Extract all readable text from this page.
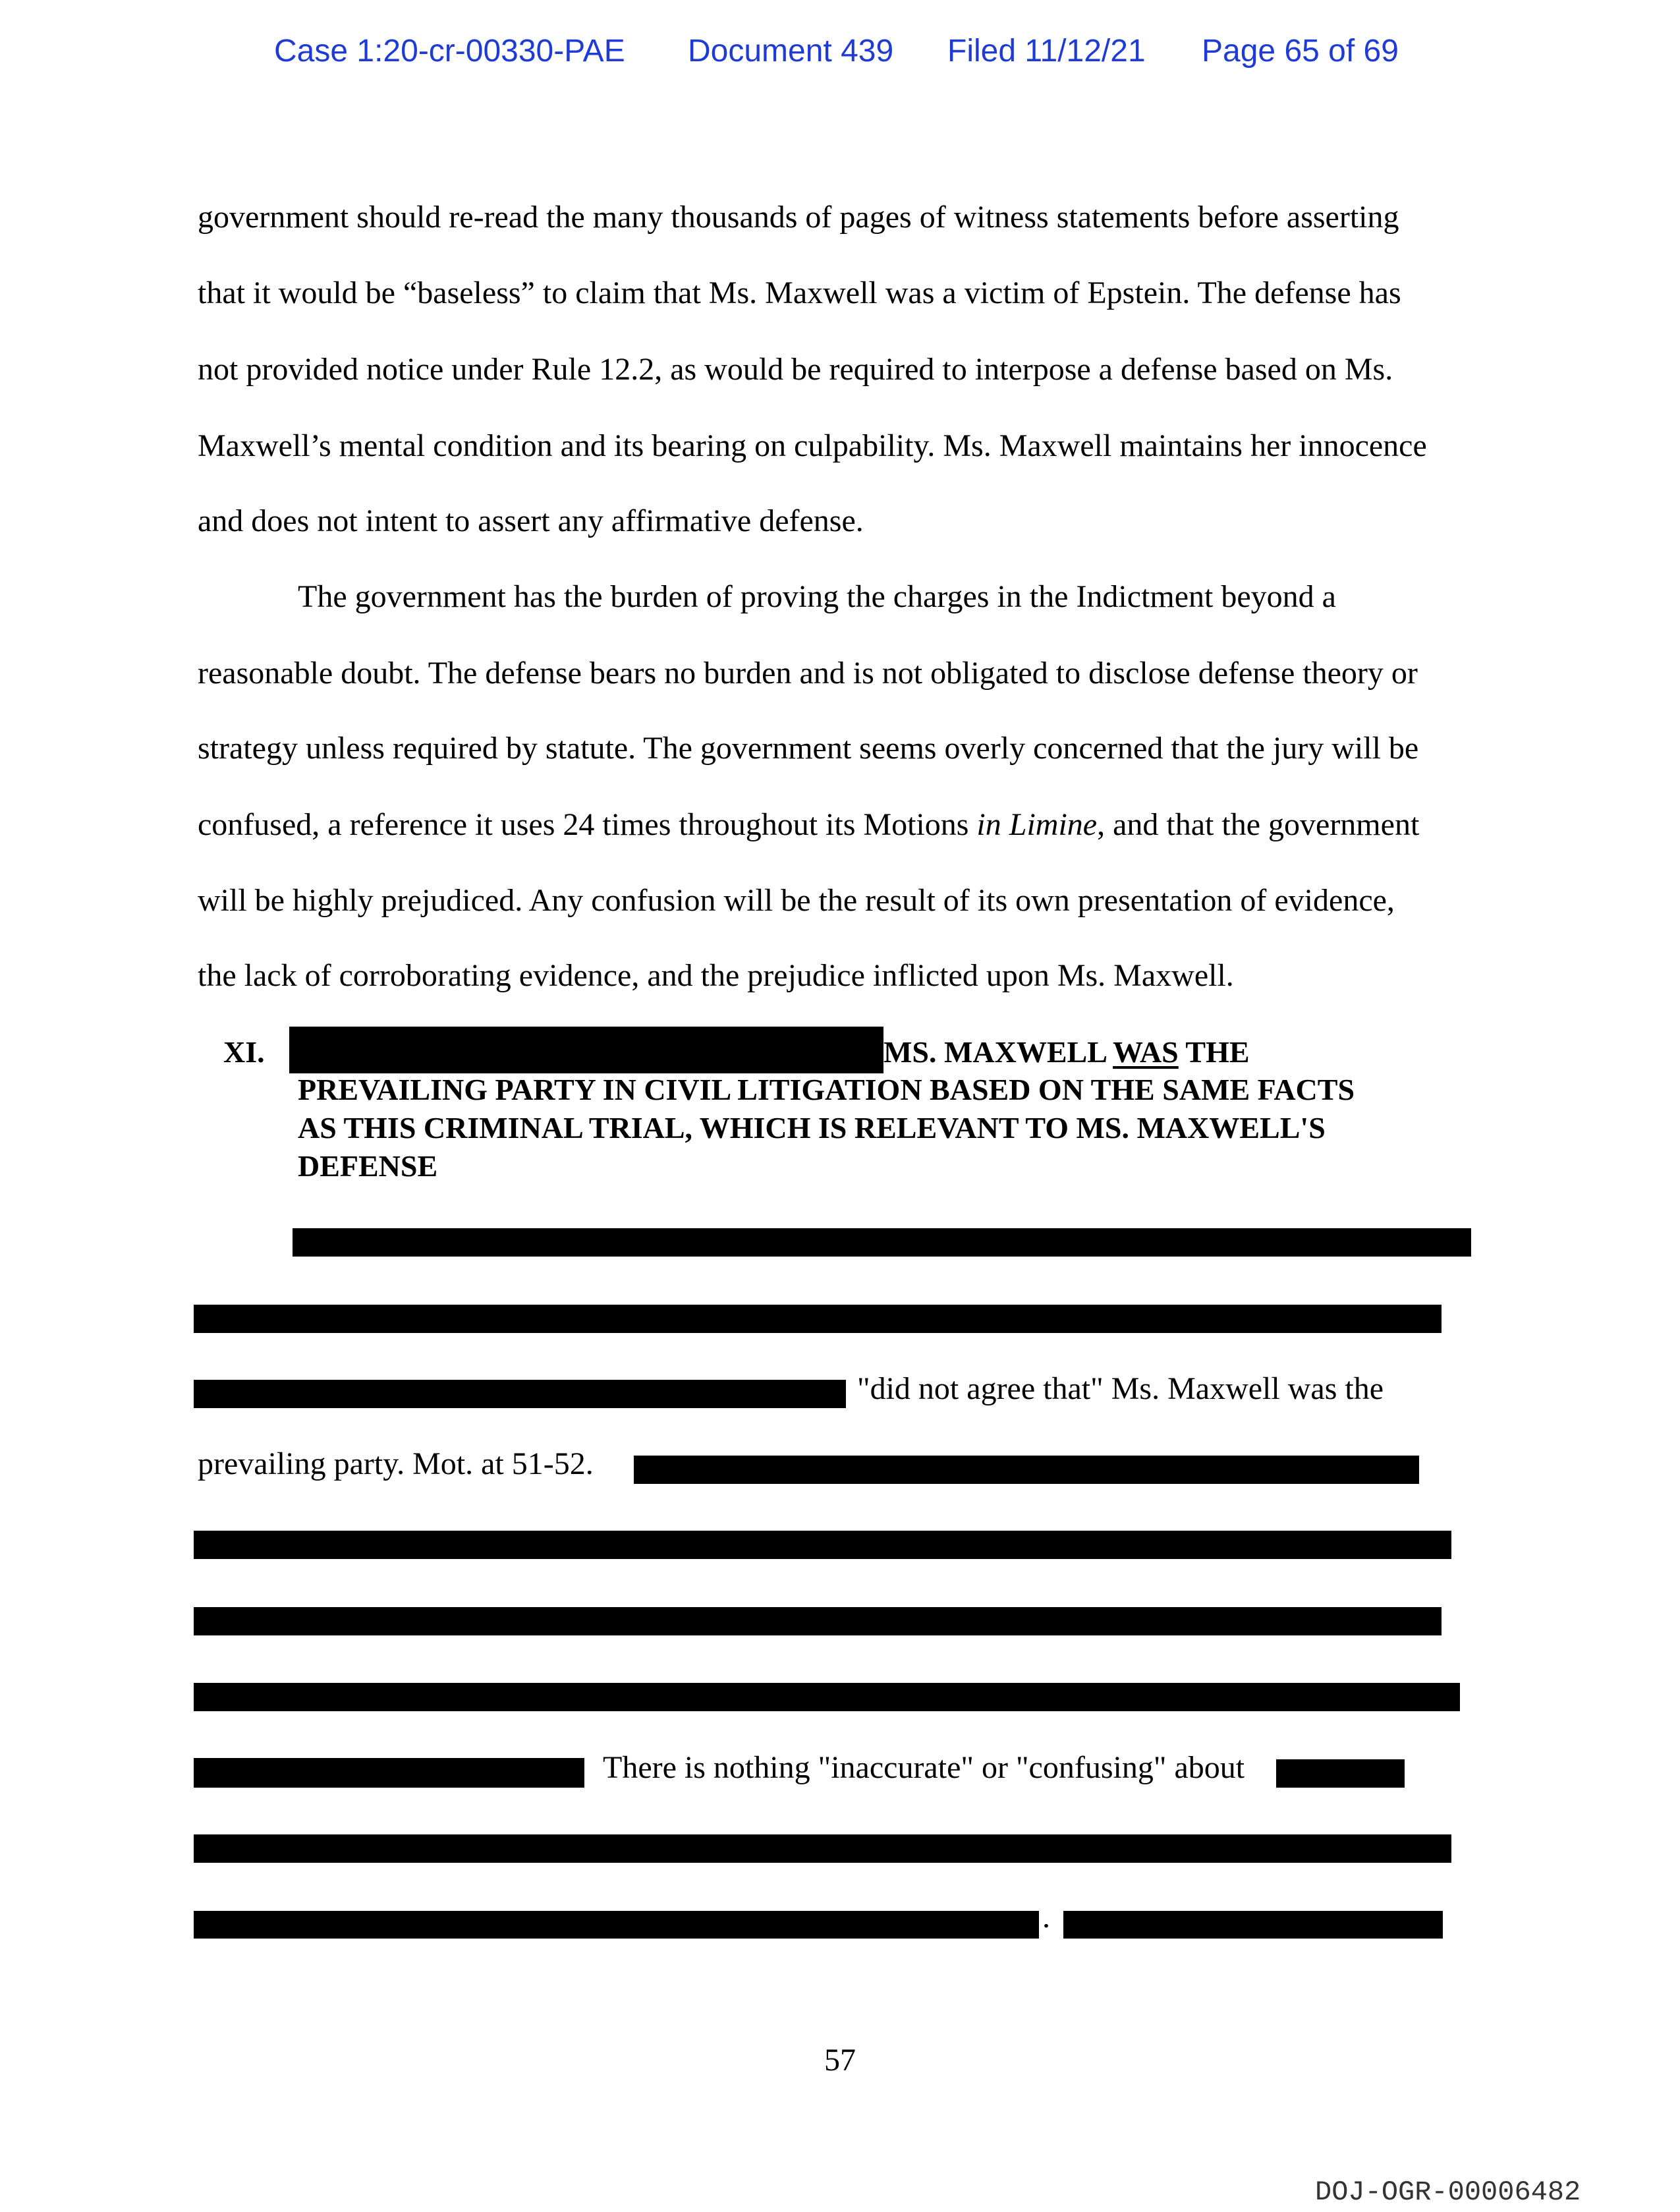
Case 1:20-cr-00330-PAE Document 439 Filed 11/12/21 Page 65 of 69
government should re-read the many thousands of pages of witness statements before asserting
that it would be “baseless” to claim that Ms. Maxwell was a victim of Epstein. The defense has
not provided notice under Rule 12.2, as would be required to interpose a defense based on Ms.
Maxwell’s mental condition and its bearing on culpability. Ms. Maxwell maintains her innocence
and does not intent to assert any affirmative defense.
The government has the burden of proving the charges in the Indictment beyond a
reasonable doubt. The defense bears no burden and is not obligated to disclose defense theory or
strategy unless required by statute. The government seems overly concerned that the jury will be
confused, a reference it uses 24 times throughout its Motions in Limine, and that the government
will be highly prejudiced. Any confusion will be the result of its own presentation of evidence,
the lack of corroborating evidence, and the prejudice inflicted upon Ms. Maxwell.
XI.	MS. MAXWELL WAS THE
PREVAILING PARTY IN CIVIL LITIGATION BASED ON THE SAME FACTS
AS THIS CRIMINAL TRIAL, WHICH IS RELEVANT TO MS. MAXWELL'S
DEFENSE
"did not agree that" Ms. Maxwell was the
prevailing party. Mot. at 51-52.
There is nothing "inaccurate" or "confusing" about
.
57
DOJ-OGR-00006482
